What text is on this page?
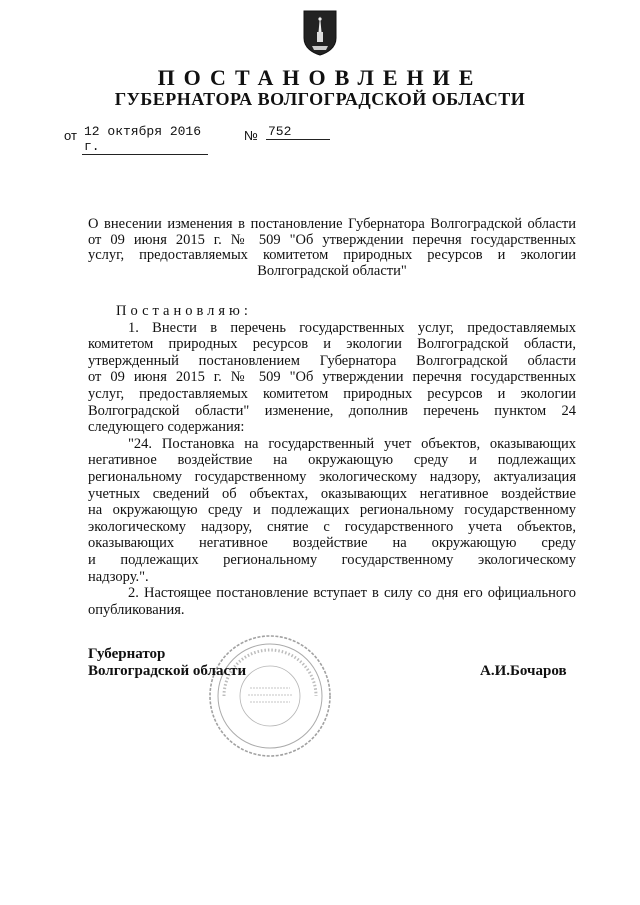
ПОСТАНОВЛЕНИЕ
ГУБЕРНАТОРА ВОЛГОГРАДСКОЙ ОБЛАСТИ
от 12 октября 2016 г.
№ 752
О внесении изменения в постановление Губернатора Волгоградской области
от 09 июня 2015 г. № 509 "Об утверждении перечня государственных
услуг, предоставляемых комитетом природных ресурсов и экологии
Волгоградской области"
Постановляю:
1. Внести в перечень государственных услуг, предоставляемых
комитетом природных ресурсов и экологии Волгоградской области,
утвержденный постановлением Губернатора Волгоградской области
от 09 июня 2015 г. № 509 "Об утверждении перечня государственных
услуг, предоставляемых комитетом природных ресурсов и экологии
Волгоградской области" изменение, дополнив перечень пунктом 24
следующего содержания:
"24. Постановка на государственный учет объектов, оказывающих
негативное воздействие на окружающую среду и подлежащих
региональному государственному экологическому надзору, актуализация
учетных сведений об объектах, оказывающих негативное воздействие
на окружающую среду и подлежащих региональному государственному
экологическому надзору, снятие с государственного учета объектов,
оказывающих негативное воздействие на окружающую среду
и подлежащих региональному государственному экологическому
надзору.".
2. Настоящее постановление вступает в силу со дня его официального
опубликования.
Губернатор
Волгоградской области	А.И.Бочаров
